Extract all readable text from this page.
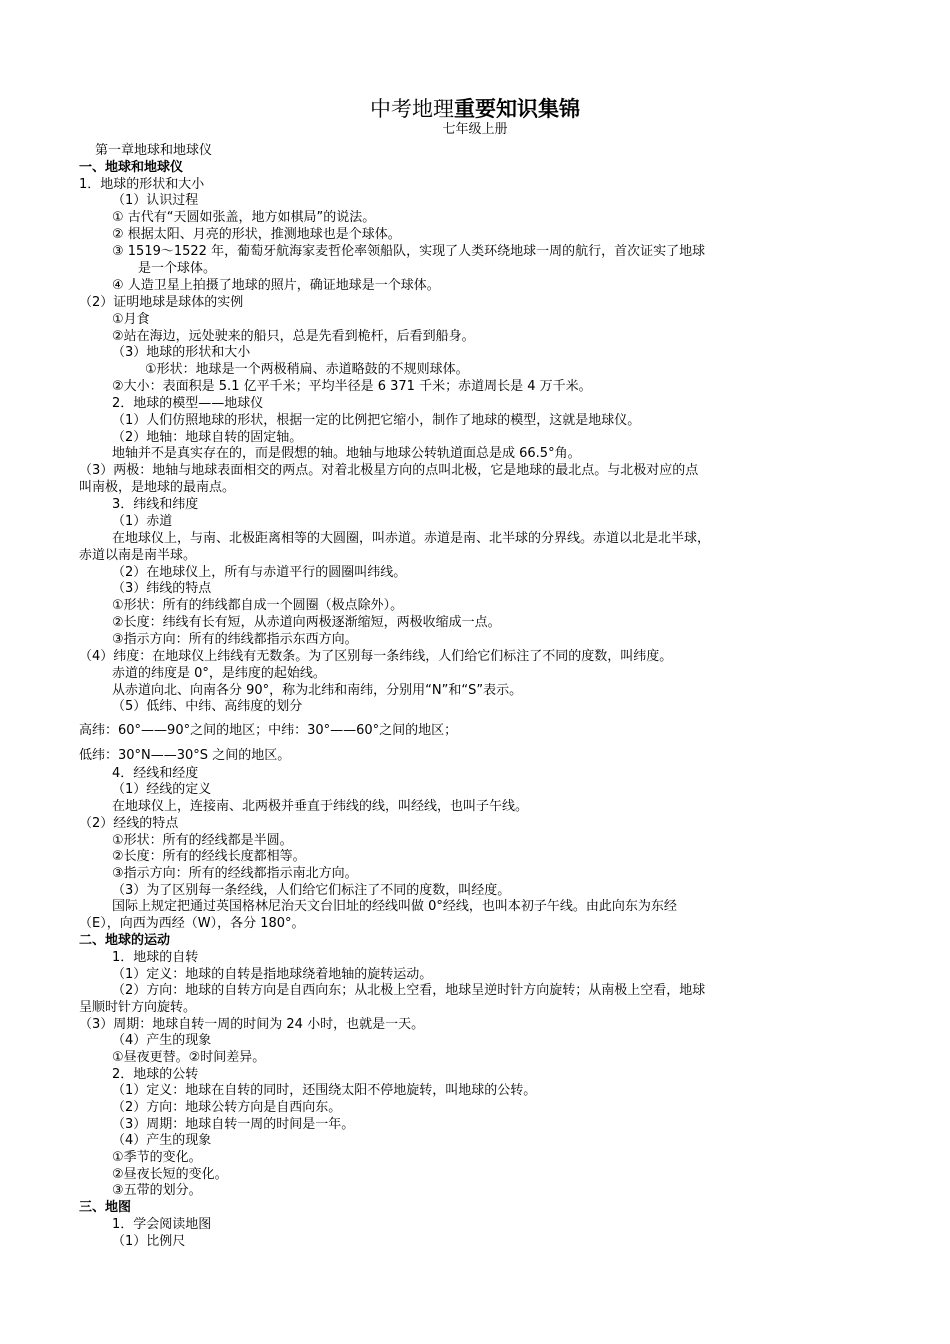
中考地理重要知识集锦
七年级上册
第一章地球和地球仪
一、地球和地球仪
1．地球的形状和大小
（1）认识过程
① 古代有“天圆如张盖，地方如棋局”的说法。
② 根据太阳、月亮的形状，推测地球也是个球体。
③ 1519～1522 年，葡萄牙航海家麦哲伦率领船队，实现了人类环绕地球一周的航行，首次证实了地球
是一个球体。
④ 人造卫星上拍摄了地球的照片，确证地球是一个球体。
（2）证明地球是球体的实例
①月食
②站在海边，远处驶来的船只，总是先看到桅杆，后看到船身。
（3）地球的形状和大小
①形状：地球是一个两极稍扁、赤道略鼓的不规则球体。
②大小：表面积是 5.1 亿平千米；平均半径是 6 371 千米；赤道周长是 4 万千米。
2．地球的模型——地球仪
（1）人们仿照地球的形状，根据一定的比例把它缩小，制作了地球的模型，这就是地球仪。
（2）地轴：地球自转的固定轴。
地轴并不是真实存在的，而是假想的轴。地轴与地球公转轨道面总是成 66.5°角。
（3）两极：地轴与地球表面相交的两点。对着北极星方向的点叫北极，它是地球的最北点。与北极对应的点
叫南极，是地球的最南点。
3．纬线和纬度
（1）赤道
在地球仪上，与南、北极距离相等的大圆圈，叫赤道。赤道是南、北半球的分界线。赤道以北是北半球，
赤道以南是南半球。
（2）在地球仪上，所有与赤道平行的圆圈叫纬线。
（3）纬线的特点
①形状：所有的纬线都自成一个圆圈（极点除外）。
②长度：纬线有长有短，从赤道向两极逐渐缩短，两极收缩成一点。
③指示方向：所有的纬线都指示东西方向。
（4）纬度：在地球仪上纬线有无数条。为了区别每一条纬线，人们给它们标注了不同的度数，叫纬度。
赤道的纬度是 0°，是纬度的起始线。
从赤道向北、向南各分 90°，称为北纬和南纬，分别用“N”和“S”表示。
（5）低纬、中纬、高纬度的划分
高纬：60°——90°之间的地区；中纬：30°——60°之间的地区；
低纬：30°N——30°S 之间的地区。
4．经线和经度
（1）经线的定义
在地球仪上，连接南、北两极并垂直于纬线的线，叫经线，也叫子午线。
（2）经线的特点
①形状：所有的经线都是半圆。
②长度：所有的经线长度都相等。
③指示方向：所有的经线都指示南北方向。
（3）为了区别每一条经线，人们给它们标注了不同的度数，叫经度。
国际上规定把通过英国格林尼治天文台旧址的经线叫做 0°经线，也叫本初子午线。由此向东为东经
（E），向西为西经（W），各分 180°。
二、地球的运动
1．地球的自转
（1）定义：地球的自转是指地球绕着地轴的旋转运动。
（2）方向：地球的自转方向是自西向东；从北极上空看，地球呈逆时针方向旋转；从南极上空看，地球
呈顺时针方向旋转。
（3）周期：地球自转一周的时间为 24 小时，也就是一天。
（4）产生的现象
①昼夜更替。②时间差异。
2．地球的公转
（1）定义：地球在自转的同时，还围绕太阳不停地旋转，叫地球的公转。
（2）方向：地球公转方向是自西向东。
（3）周期：地球自转一周的时间是一年。
（4）产生的现象
①季节的变化。
②昼夜长短的变化。
③五带的划分。
三、地图
1．学会阅读地图
（1）比例尺
